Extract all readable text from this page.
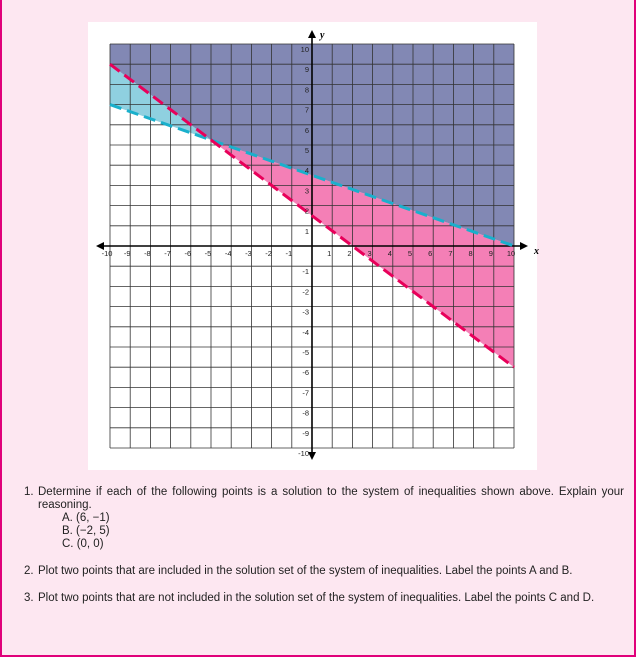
-10 -9 -8 -7 -6 -5 -4 -3 -2 -1	1 2 3 4 5 6 7 8 9 10
10
9
8
7
6
5
4
3
2
1
-1
-2
-3
-4
-5
-6
-7
-8
-9
-10
x
y
1. Determine if each of the following points is a solution to the system of inequalities shown above. Explain your reasoning.
A. (6, −1)
B. (−2, 5)
C. (0, 0)
2. Plot two points that are included in the solution set of the system of inequalities. Label the points A and B.
3. Plot two points that are not included in the solution set of the system of inequalities. Label the points C and D.
